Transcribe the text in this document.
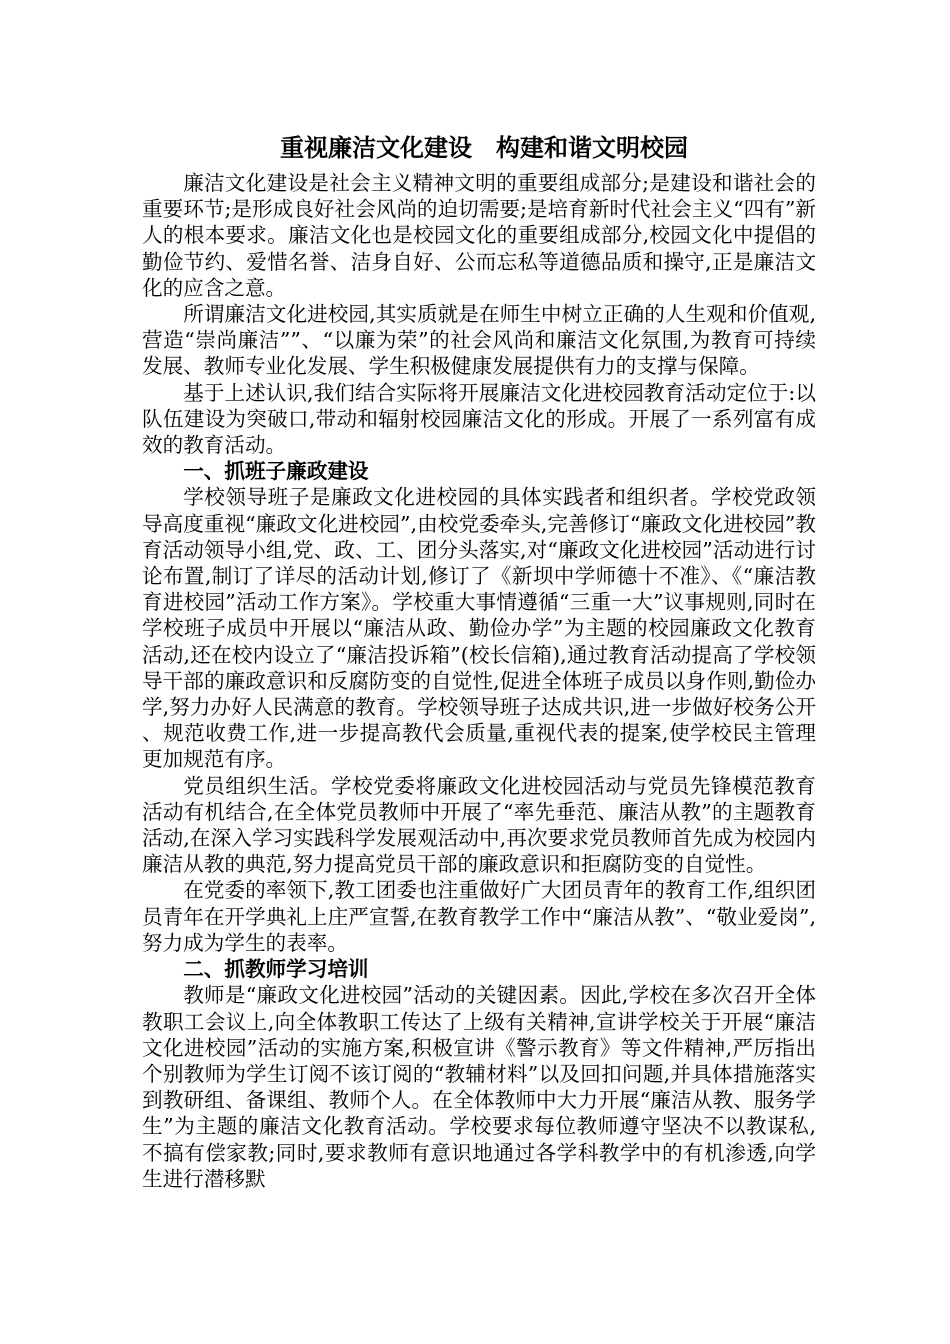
重视廉洁文化建设　构建和谐文明校园

廉洁文化建设是社会主义精神文明的重要组成部分;是建设和谐社会的重要环节;是形成良好社会风尚的迫切需要;是培育新时代社会主义“四有”新人的根本要求。廉洁文化也是校园文化的重要组成部分,校园文化中提倡的勤俭节约、爱惜名誉、洁身自好、公而忘私等道德品质和操守,正是廉洁文化的应含之意。

所谓廉洁文化进校园,其实质就是在师生中树立正确的人生观和价值观,营造“崇尚廉洁””、“以廉为荣”的社会风尚和廉洁文化氛围,为教育可持续发展、教师专业化发展、学生积极健康发展提供有力的支撑与保障。

基于上述认识,我们结合实际将开展廉洁文化进校园教育活动定位于:以队伍建设为突破口,带动和辐射校园廉洁文化的形成。开展了一系列富有成效的教育活动。

一、抓班子廉政建设

学校领导班子是廉政文化进校园的具体实践者和组织者。学校党政领导高度重视“廉政文化进校园”,由校党委牵头,完善修订“廉政文化进校园”教育活动领导小组,党、政、工、团分头落实,对“廉政文化进校园”活动进行讨论布置,制订了详尽的活动计划,修订了《新坝中学师德十不准》、《“廉洁教育进校园”活动工作方案》。学校重大事情遵循“三重一大”议事规则,同时在学校班子成员中开展以“廉洁从政、勤俭办学”为主题的校园廉政文化教育活动,还在校内设立了“廉洁投诉箱”(校长信箱),通过教育活动提高了学校领导干部的廉政意识和反腐防变的自觉性,促进全体班子成员以身作则,勤俭办学,努力办好人民满意的教育。学校领导班子达成共识,进一步做好校务公开、规范收费工作,进一步提高教代会质量,重视代表的提案,使学校民主管理更加规范有序。

党员组织生活。学校党委将廉政文化进校园活动与党员先锋模范教育活动有机结合,在全体党员教师中开展了“率先垂范、廉洁从教”的主题教育活动,在深入学习实践科学发展观活动中,再次要求党员教师首先成为校园内廉洁从教的典范,努力提高党员干部的廉政意识和拒腐防变的自觉性。

在党委的率领下,教工团委也注重做好广大团员青年的教育工作,组织团员青年在开学典礼上庄严宣誓,在教育教学工作中“廉洁从教”、“敬业爱岗”,努力成为学生的表率。

二、抓教师学习培训

教师是“廉政文化进校园”活动的关键因素。因此,学校在多次召开全体教职工会议上,向全体教职工传达了上级有关精神,宣讲学校关于开展“廉洁文化进校园”活动的实施方案,积极宣讲《警示教育》等文件精神,严厉指出个别教师为学生订阅不该订阅的“教辅材料”以及回扣问题,并具体措施落实到教研组、备课组、教师个人。在全体教师中大力开展“廉洁从教、服务学生”为主题的廉洁文化教育活动。学校要求每位教师遵守坚决不以教谋私,不搞有偿家教;同时,要求教师有意识地通过各学科教学中的有机渗透,向学生进行潜移默
